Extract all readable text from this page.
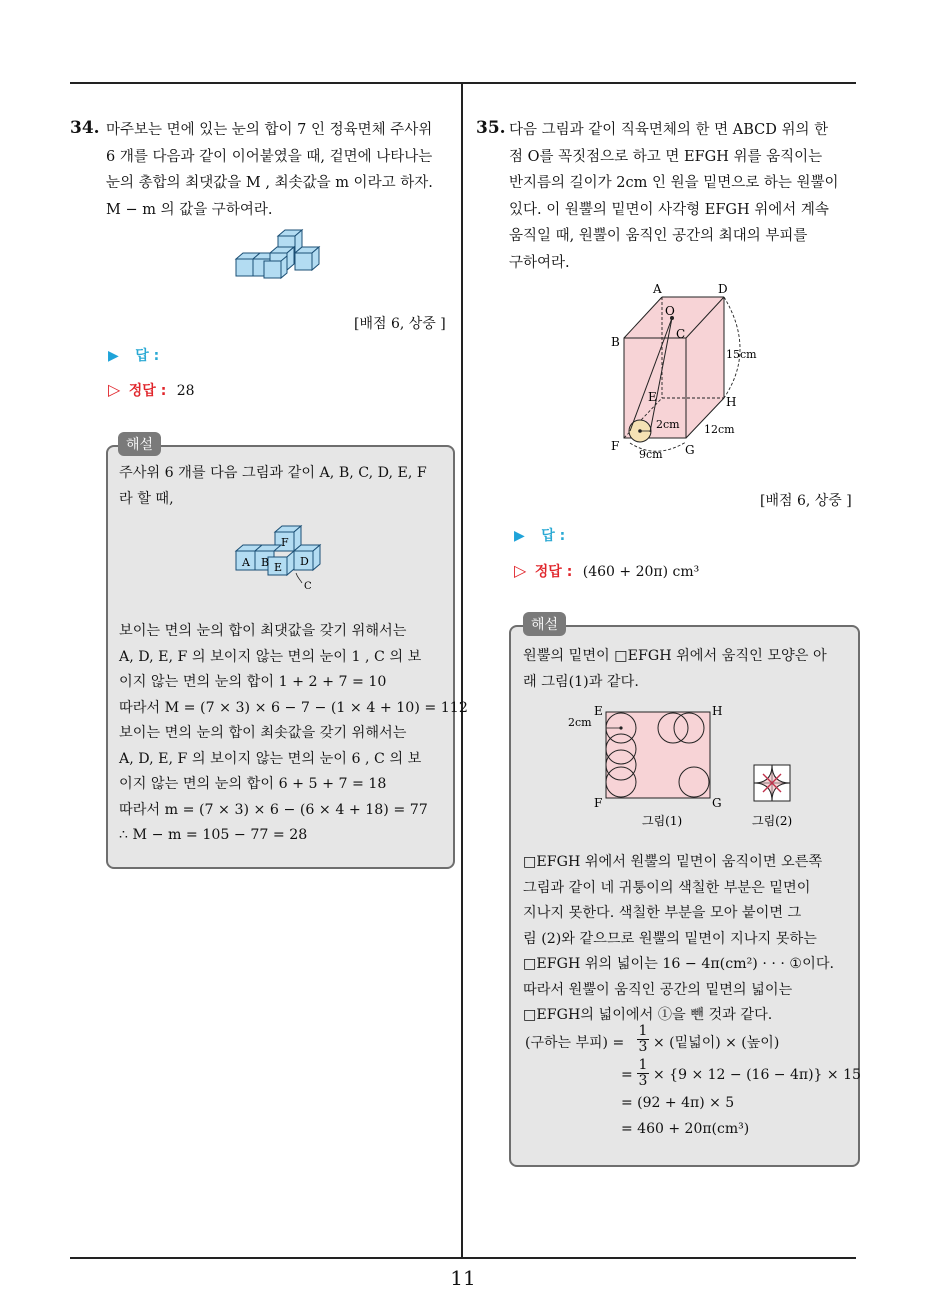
34. 마주보는 면에 있는 눈의 합이 7 인 정육면체 주사위

6 개를 다음과 같이 이어붙였을 때, 겉면에 나타나는

눈의 총합의 최댓값을 M , 최솟값을 m 이라고 하자.

M − m 의 값을 구하여라.

[배점 6, 상중 ]
▶ 답 :
▷ 정답 : 28
해설

주사위 6 개를 다음 그림과 같이 A, B, C, D, E, F

라 할 때,

A B E D
F
C

보이는 면의 눈의 합이 최댓값을 갖기 위해서는

A, D, E, F 의 보이지 않는 면의 눈이 1 , C 의 보

이지 않는 면의 눈의 합이 1 + 2 + 7 = 10

따라서 M = (7 × 3) × 6 − 7 − (1 × 4 + 10) = 112

보이는 면의 눈의 합이 최솟값을 갖기 위해서는

A, D, E, F 의 보이지 않는 면의 눈이 6 , C 의 보

이지 않는 면의 눈의 합이 6 + 5 + 7 = 18

따라서 m = (7 × 3) × 6 − (6 × 4 + 18) = 77

∴ M − m = 105 − 77 = 28

35. 다음 그림과 같이 직육면체의 한 면 ABCD 위의 한

점 O를 꼭짓점으로 하고 면 EFGH 위를 움직이는

반지름의 길이가 2cm 인 원을 밑면으로 하는 원뿔이

있다. 이 원뿔의 밑면이 사각형 EFGH 위에서 계속

움직일 때, 원뿔이 움직인 공간의 최대의 부피를

구하여라.

A	D
B
C
O
E	H
F	G
15cm
12cm
9cm
2cm
[배점 6, 상중 ]
▶ 답 :
▷ 정답 : (460 + 20π) cm³
해설

원뿔의 밑면이 □EFGH 위에서 움직인 모양은 아

래 그림(1)과 같다.

E	H
F	G
2cm
그림(1)	그림(2)

□EFGH 위에서 원뿔의 밑면이 움직이면 오른쪽

그림과 같이 네 귀퉁이의 색칠한 부분은 밑면이

지나지 못한다. 색칠한 부분을 모아 붙이면 그

림 (2)와 같으므로 원뿔의 밑면이 지나지 못하는

□EFGH 위의 넓이는 16 − 4π(cm²) · · · ①이다.

따라서 원뿔이 움직인 공간의 밑면의 넓이는

□EFGH의 넓이에서 ①을 뺀 것과 같다.

(구하는 부피) = $\frac{1}{3}$ × (밑넓이) × (높이)
= $\frac{1}{3} \times \{9 \times 12 - (16 - 4\pi)\} \times 15$
= (92 + 4π) × 5
= 460 + 20π(cm³)
11
